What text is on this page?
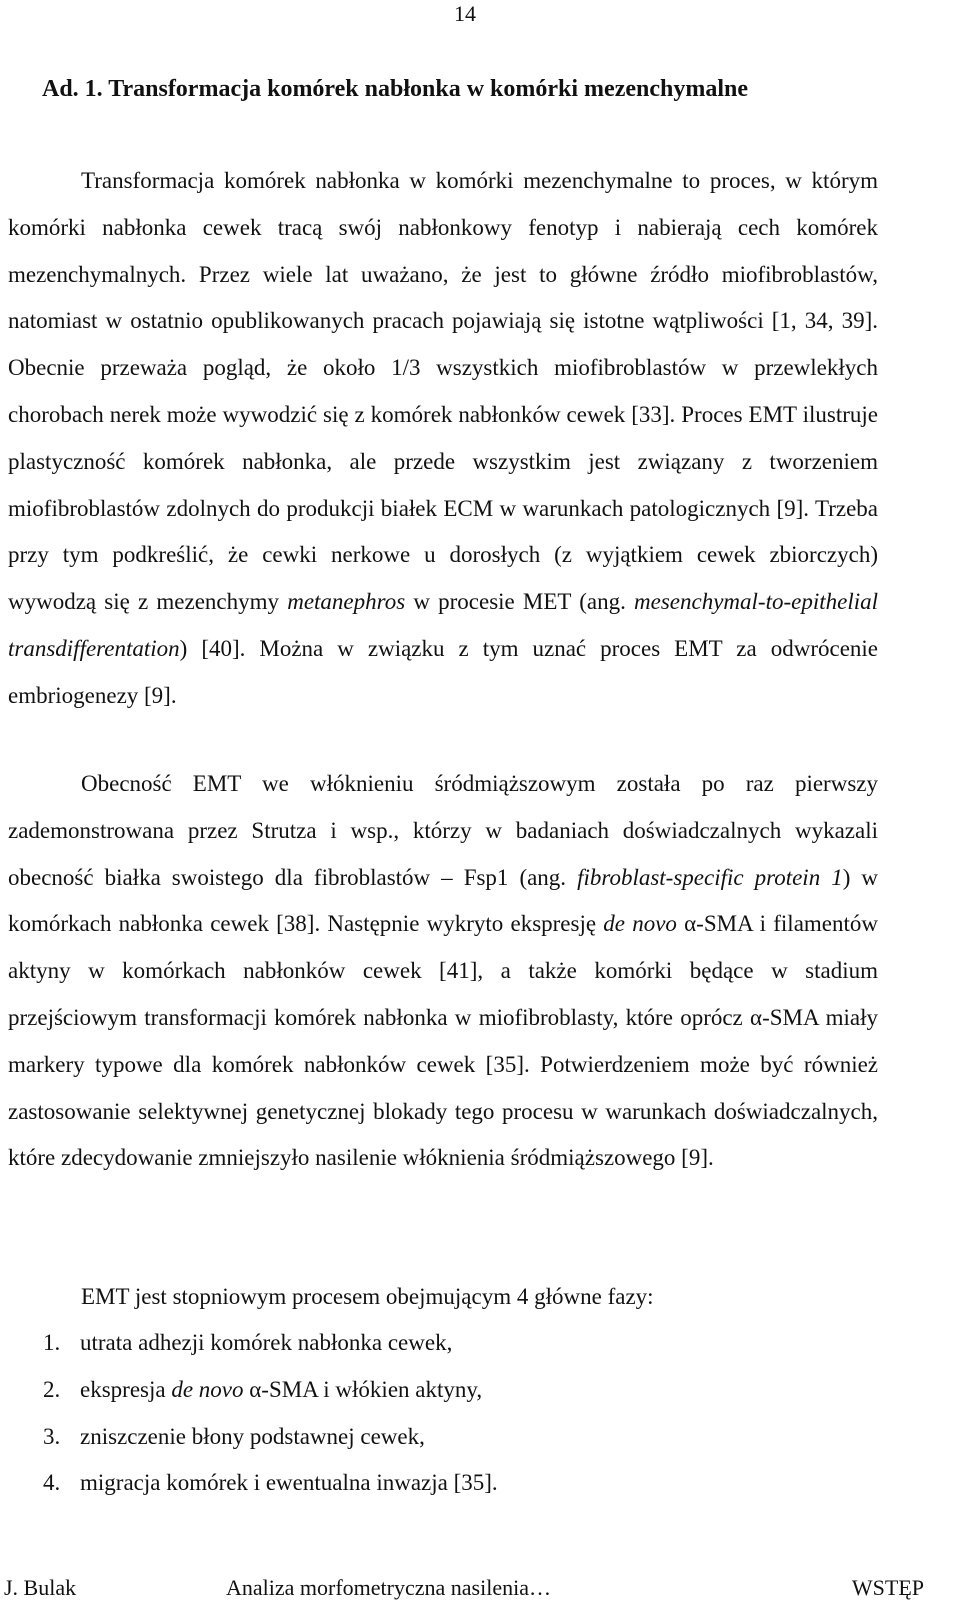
14
Ad. 1. Transformacja komórek nabłonka w komórki mezenchymalne

Transformacja komórek nabłonka w komórki mezenchymalne to proces, w którym komórki nabłonka cewek tracą swój nabłonkowy fenotyp i nabierają cech komórek mezenchymalnych. Przez wiele lat uważano, że jest to główne źródło miofibroblastów, natomiast w ostatnio opublikowanych pracach pojawiają się istotne wątpliwości [1, 34, 39]. Obecnie przeważa pogląd, że około 1/3 wszystkich miofibroblastów w przewlekłych chorobach nerek może wywodzić się z komórek nabłonków cewek [33]. Proces EMT ilustruje plastyczność komórek nabłonka, ale przede wszystkim jest związany z tworzeniem miofibroblastów zdolnych do produkcji białek ECM w warunkach patologicznych [9]. Trzeba przy tym podkreślić, że cewki nerkowe u dorosłych (z wyjątkiem cewek zbiorczych) wywodzą się z mezenchymy metanephros w procesie MET (ang. mesenchymal-to-epithelial transdifferentation) [40]. Można w związku z tym uznać proces EMT za odwrócenie embriogenezy [9].

Obecność EMT we włóknieniu śródmiąższowym została po raz pierwszy zademonstrowana przez Strutza i wsp., którzy w badaniach doświadczalnych wykazali obecność białka swoistego dla fibroblastów – Fsp1 (ang. fibroblast-specific protein 1) w komórkach nabłonka cewek [38]. Następnie wykryto ekspresję de novo α-SMA i filamentów aktyny w komórkach nabłonków cewek [41], a także komórki będące w stadium przejściowym transformacji komórek nabłonka w miofibroblasty, które oprócz α-SMA miały markery typowe dla komórek nabłonków cewek [35]. Potwierdzeniem może być również zastosowanie selektywnej genetycznej blokady tego procesu w warunkach doświadczalnych, które zdecydowanie zmniejszyło nasilenie włóknienia śródmiąższowego [9].

EMT jest stopniowym procesem obejmującym 4 główne fazy:

1. utrata adhezji komórek nabłonka cewek,
2. ekspresja de novo α-SMA i włókien aktyny,
3. zniszczenie błony podstawnej cewek,
4. migracja komórek i ewentualna inwazja [35].
J. Bulak	Analiza morfometryczna nasilenia…	WSTĘP
